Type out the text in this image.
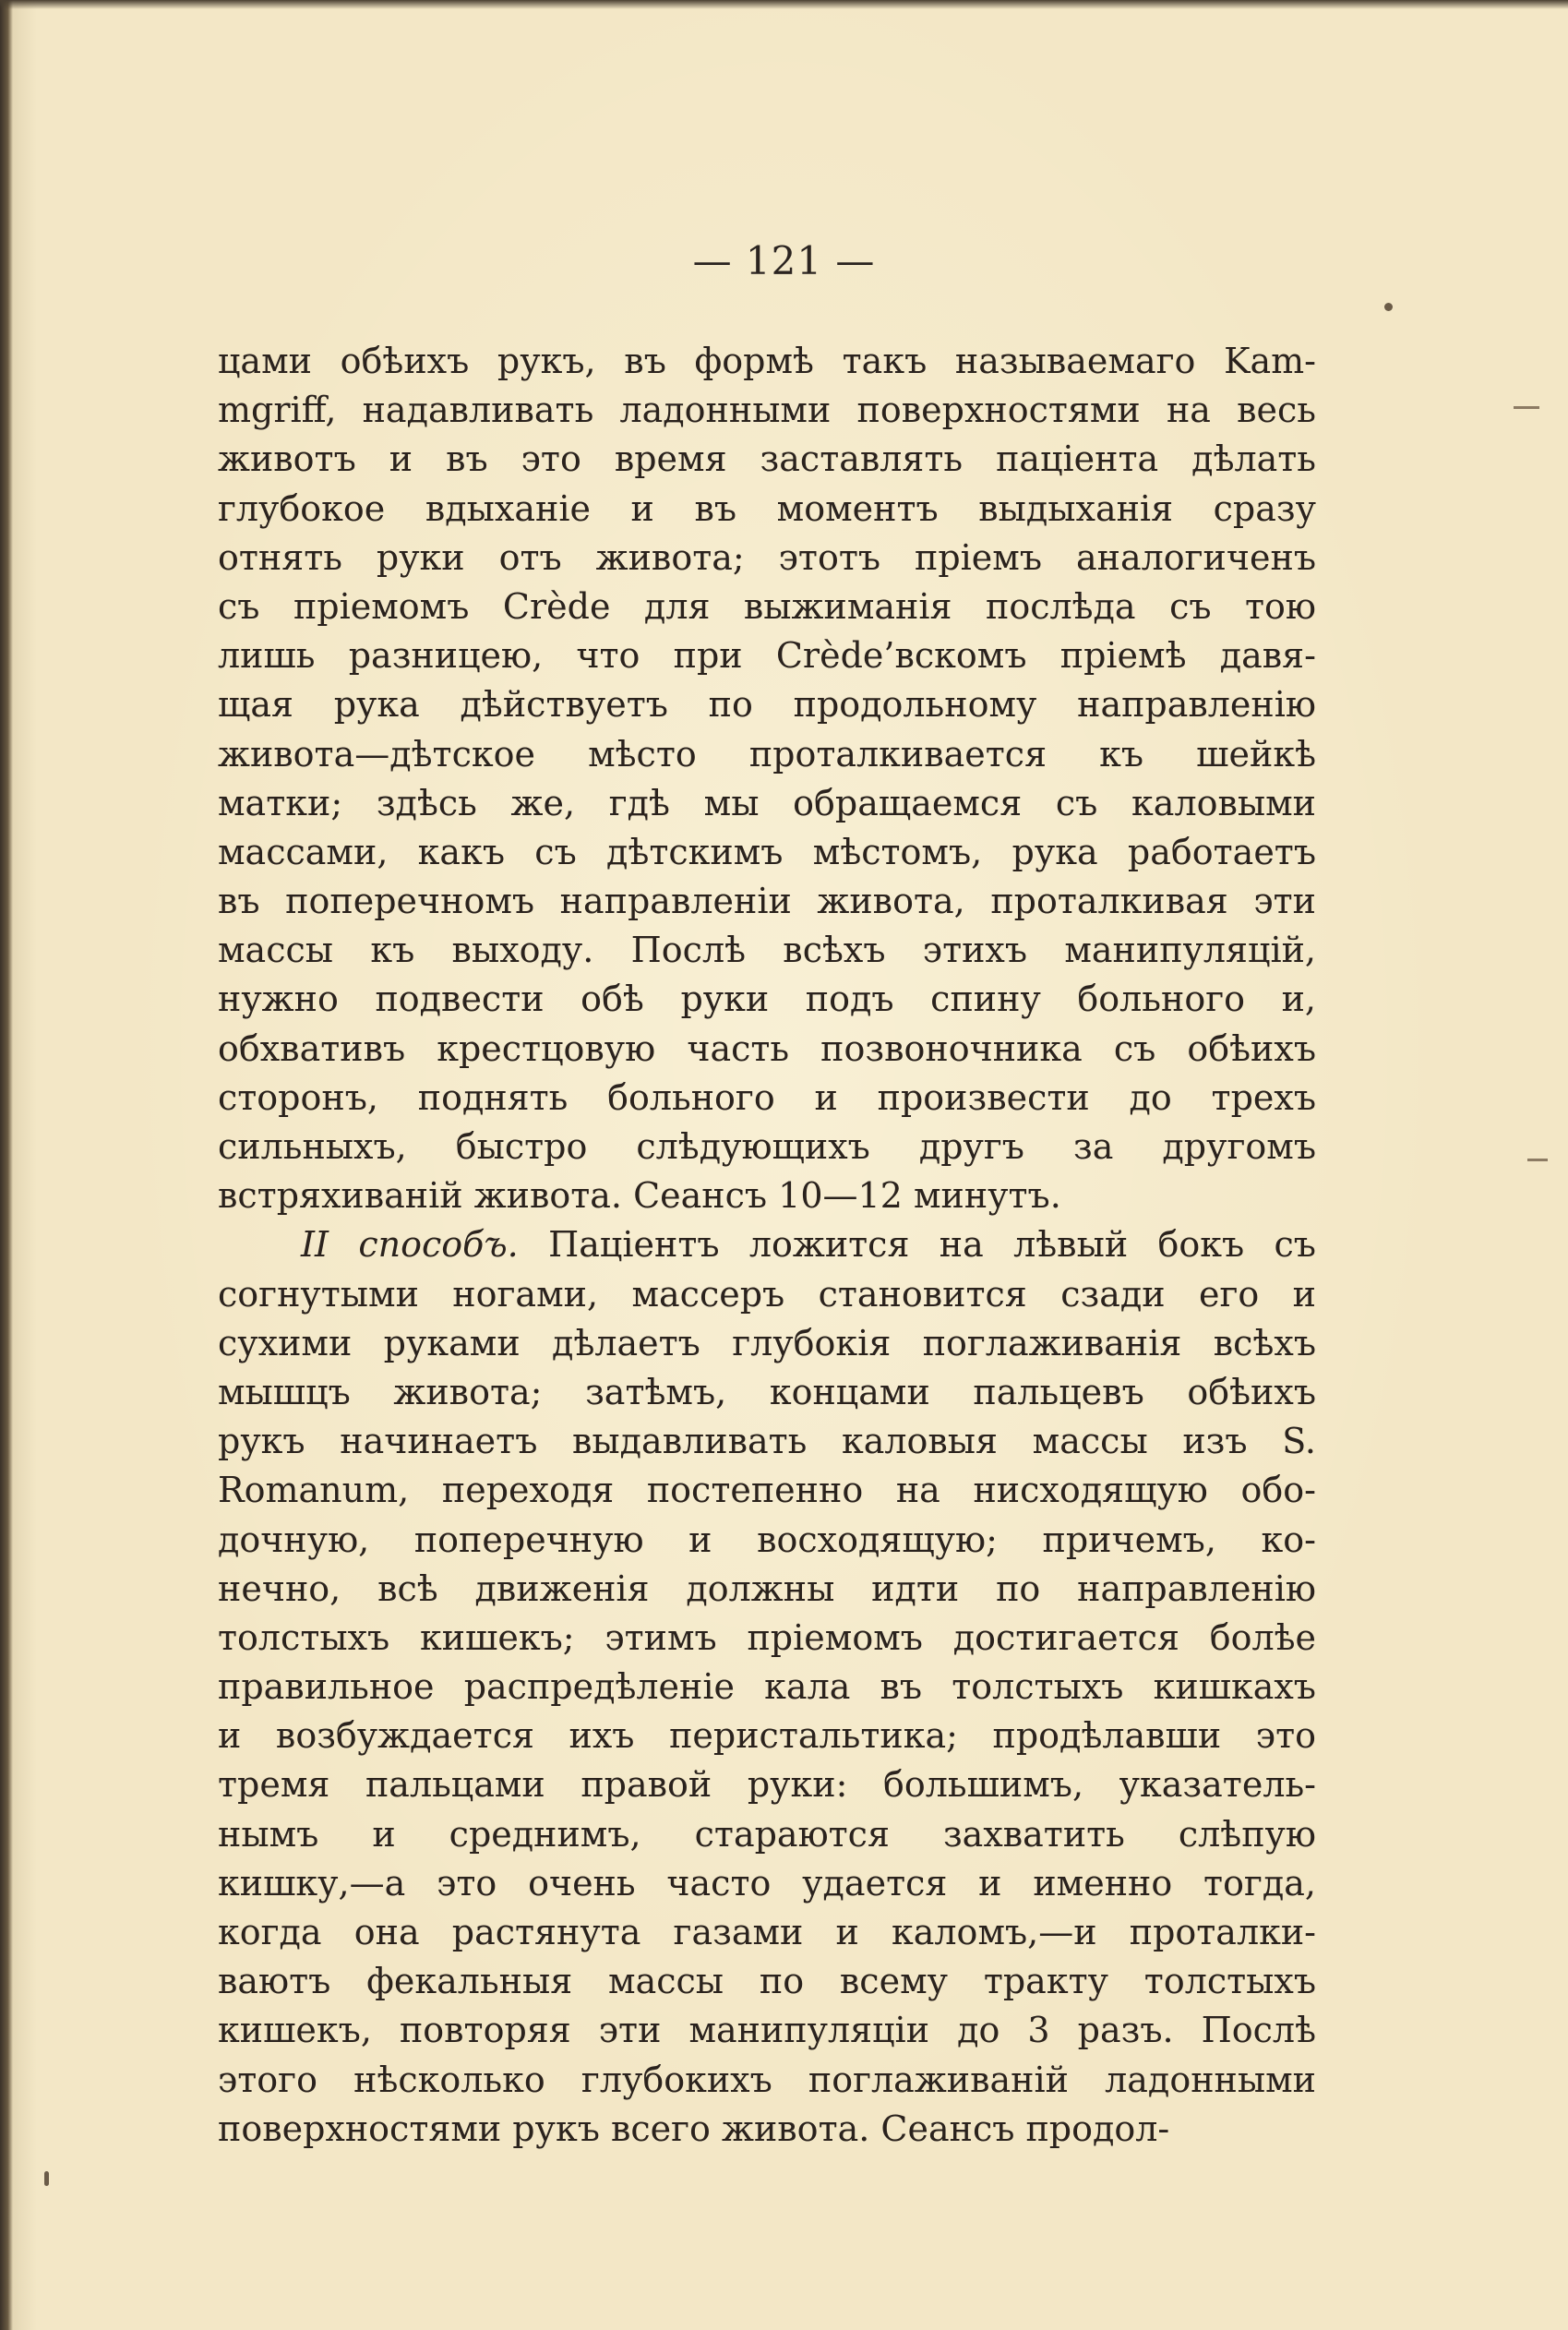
— 121 —
цами обѣихъ рукъ, въ формѣ такъ называемаго Kam-
mgriff, надавливать ладонными поверхностями на весь
животъ и въ это время заставлять паціента дѣлать
глубокое вдыханіе и въ моментъ выдыханія сразу
отнять руки отъ живота; этотъ пріемъ аналогиченъ
съ пріемомъ Crède для выжиманія послѣда съ тою
лишь разницею, что при Crède’вскомъ пріемѣ давя-
щая рука дѣйствуетъ по продольному направленію
живота—дѣтское мѣсто проталкивается къ шейкѣ
матки; здѣсь же, гдѣ мы обращаемся съ каловыми
массами, какъ съ дѣтскимъ мѣстомъ, рука работаетъ
въ поперечномъ направленіи живота, проталкивая эти
массы къ выходу. Послѣ всѣхъ этихъ манипуляцій,
нужно подвести обѣ руки подъ спину больного и,
обхвативъ крестцовую часть позвоночника съ обѣихъ
сторонъ, поднять больного и произвести до трехъ
сильныхъ, быстро слѣдующихъ другъ за другомъ
встряхиваній живота. Сеансъ 10—12 минутъ.
II способъ. Паціентъ ложится на лѣвый бокъ съ
согнутыми ногами, массеръ становится сзади его и
сухими руками дѣлаетъ глубокія поглаживанія всѣхъ
мышцъ живота; затѣмъ, концами пальцевъ обѣихъ
рукъ начинаетъ выдавливать каловыя массы изъ S.
Romanum, переходя постепенно на нисходящую обо-
дочную, поперечную и восходящую; причемъ, ко-
нечно, всѣ движенія должны идти по направленію
толстыхъ кишекъ; этимъ пріемомъ достигается болѣе
правильное распредѣленіе кала въ толстыхъ кишкахъ
и возбуждается ихъ перистальтика; продѣлавши это
тремя пальцами правой руки: большимъ, указатель-
нымъ и среднимъ, стараются захватить слѣпую
кишку,—а это очень часто удается и именно тогда,
когда она растянута газами и каломъ,—и проталки-
ваютъ фекальныя массы по всему тракту толстыхъ
кишекъ, повторяя эти манипуляціи до 3 разъ. Послѣ
этого нѣсколько глубокихъ поглаживаній ладонными
поверхностями рукъ всего живота. Сеансъ продол-
